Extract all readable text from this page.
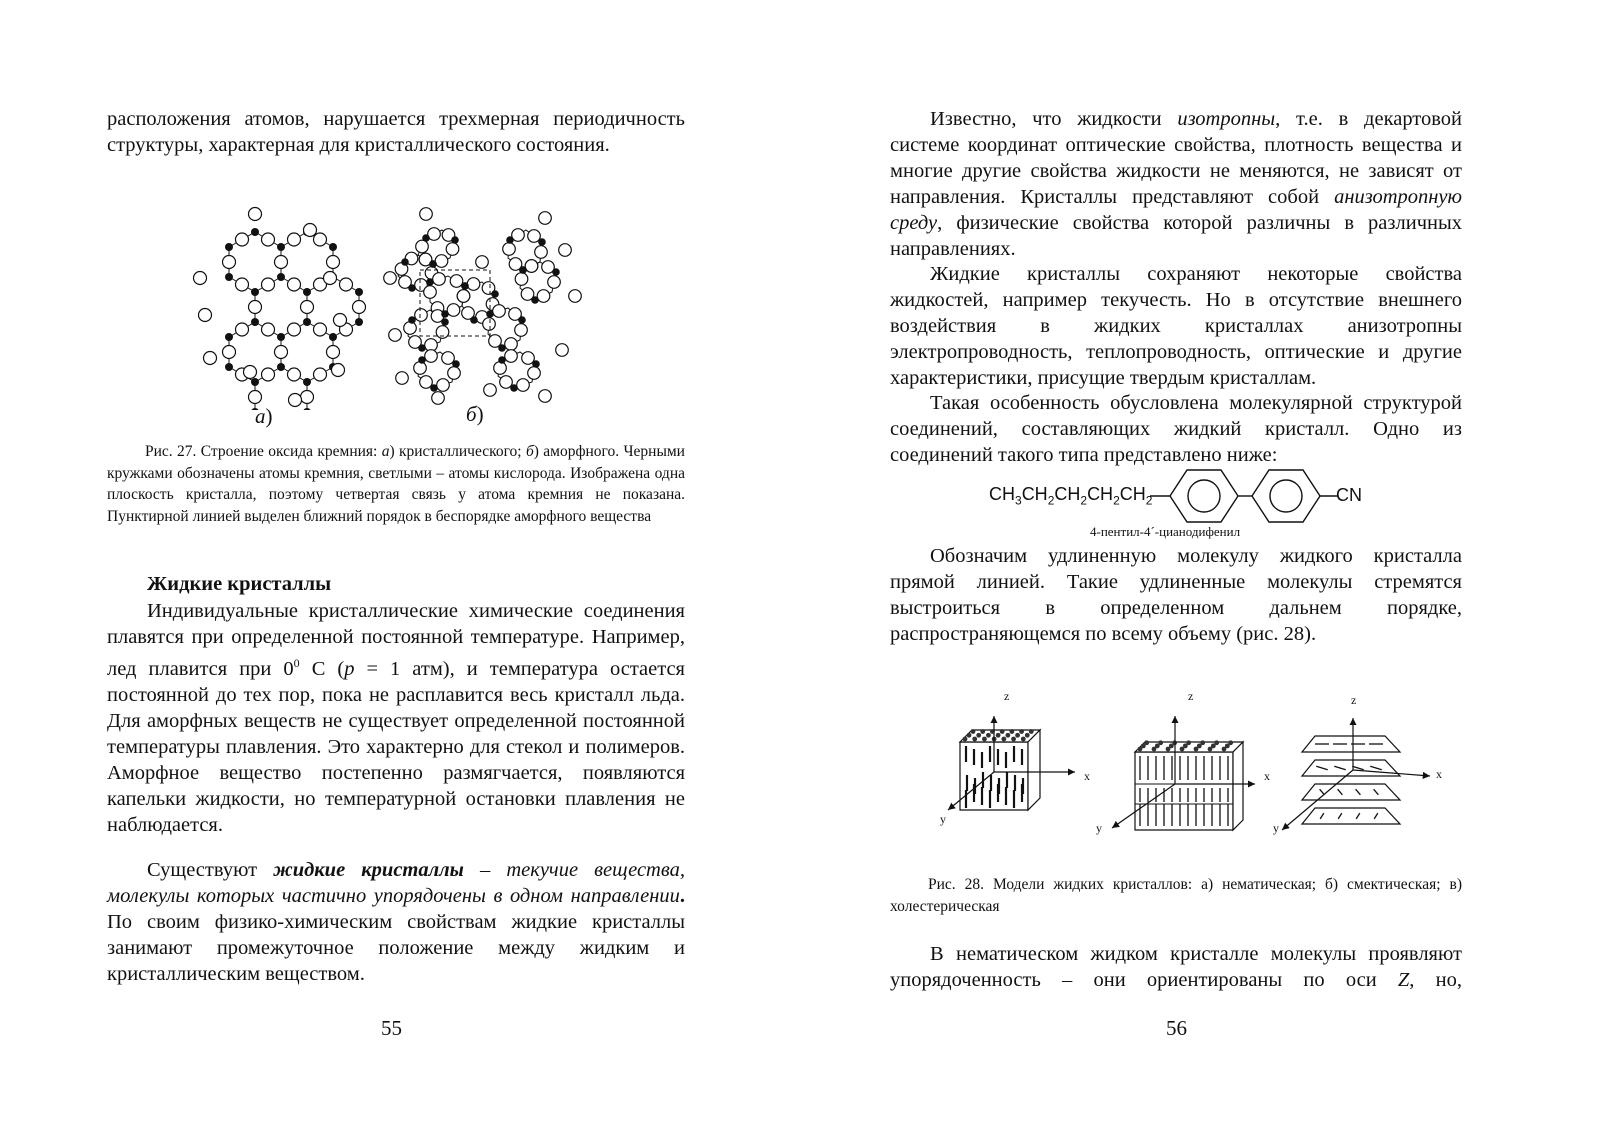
расположения атомов, нарушается трехмерная периодичность структуры, характерная для кристаллического состояния.

а)	б)

Рис. 27. Строение оксида кремния: а) кристаллического; б) аморфного. Черными кружками обозначены атомы кремния, светлыми – атомы кислорода. Изображена одна плоскость кристалла, поэтому четвертая связь у атома кремния не показана. Пунктирной линией выделен ближний порядок в беспорядке аморфного вещества

Жидкие кристаллы

Индивидуальные кристаллические химические соединения плавятся при определенной постоянной температуре. Например, лед плавится при $0^0$ С (p = 1 атм), и температура остается постоянной до тех пор, пока не расплавится весь кристалл льда. Для аморфных веществ не существует определенной постоянной температуры плавления. Это характерно для стекол и полимеров. Аморфное вещество постепенно размягчается, появляются капельки жидкости, но температурной остановки плавления не наблюдается.

Существуют жидкие кристаллы – текучие вещества, молекулы которых частично упорядочены в одном направлении. По своим физико-химическим свойствам жидкие кристаллы занимают промежуточное положение между жидким и кристаллическим веществом.

55

Известно, что жидкости изотропны, т.е. в декартовой системе координат оптические свойства, плотность вещества и многие другие свойства жидкости не меняются, не зависят от направления. Кристаллы представляют собой анизотропную среду, физические свойства которой различны в различных направлениях.

Жидкие кристаллы сохраняют некоторые свойства жидкостей, например текучесть. Но в отсутствие внешнего воздействия в жидких кристаллах анизотропны электропроводность, теплопроводность, оптические и другие характеристики, присущие твердым кристаллам.

Такая особенность обусловлена молекулярной структурой соединений, составляющих жидкий кристалл. Одно из соединений такого типа представлено ниже:

$CH_3CH_2CH_2CH_2CH_2$	CN
4-пентил-4´-цианодифенил

Обозначим удлиненную молекулу жидкого кристалла прямой линией. Такие удлиненные молекулы стремятся выстроиться в определенном дальнем порядке, распространяющемся по всему объему (рис. 28).

z
x
y
z
x
y
z
x
y

Рис. 28. Модели жидких кристаллов: а) нематическая; б) смектическая; в) холестерическая

В нематическом жидком кристалле молекулы проявляют упорядоченность – они ориентированы по оси Z, но,

56
